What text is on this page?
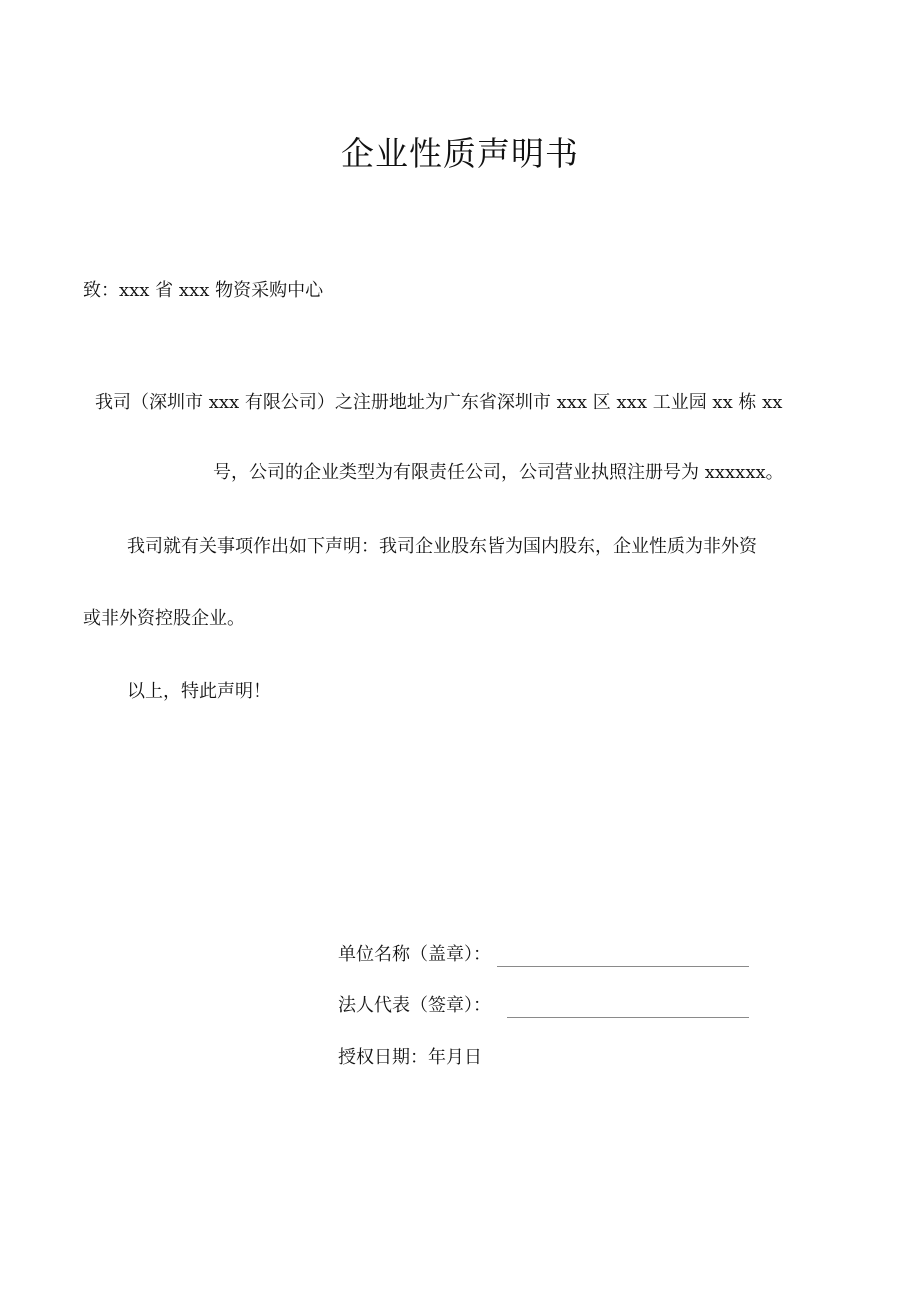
企业性质声明书
致：xxx 省 xxx 物资采购中心
我司（深圳市 xxx 有限公司）之注册地址为广东省深圳市 xxx 区 xxx 工业园 xx 栋 xx
号，公司的企业类型为有限责任公司，公司营业执照注册号为 xxxxxx。
我司就有关事项作出如下声明：我司企业股东皆为国内股东，企业性质为非外资
或非外资控股企业。
以上，特此声明！
单位名称（盖章）：
法人代表（签章）：
授权日期：年月日
